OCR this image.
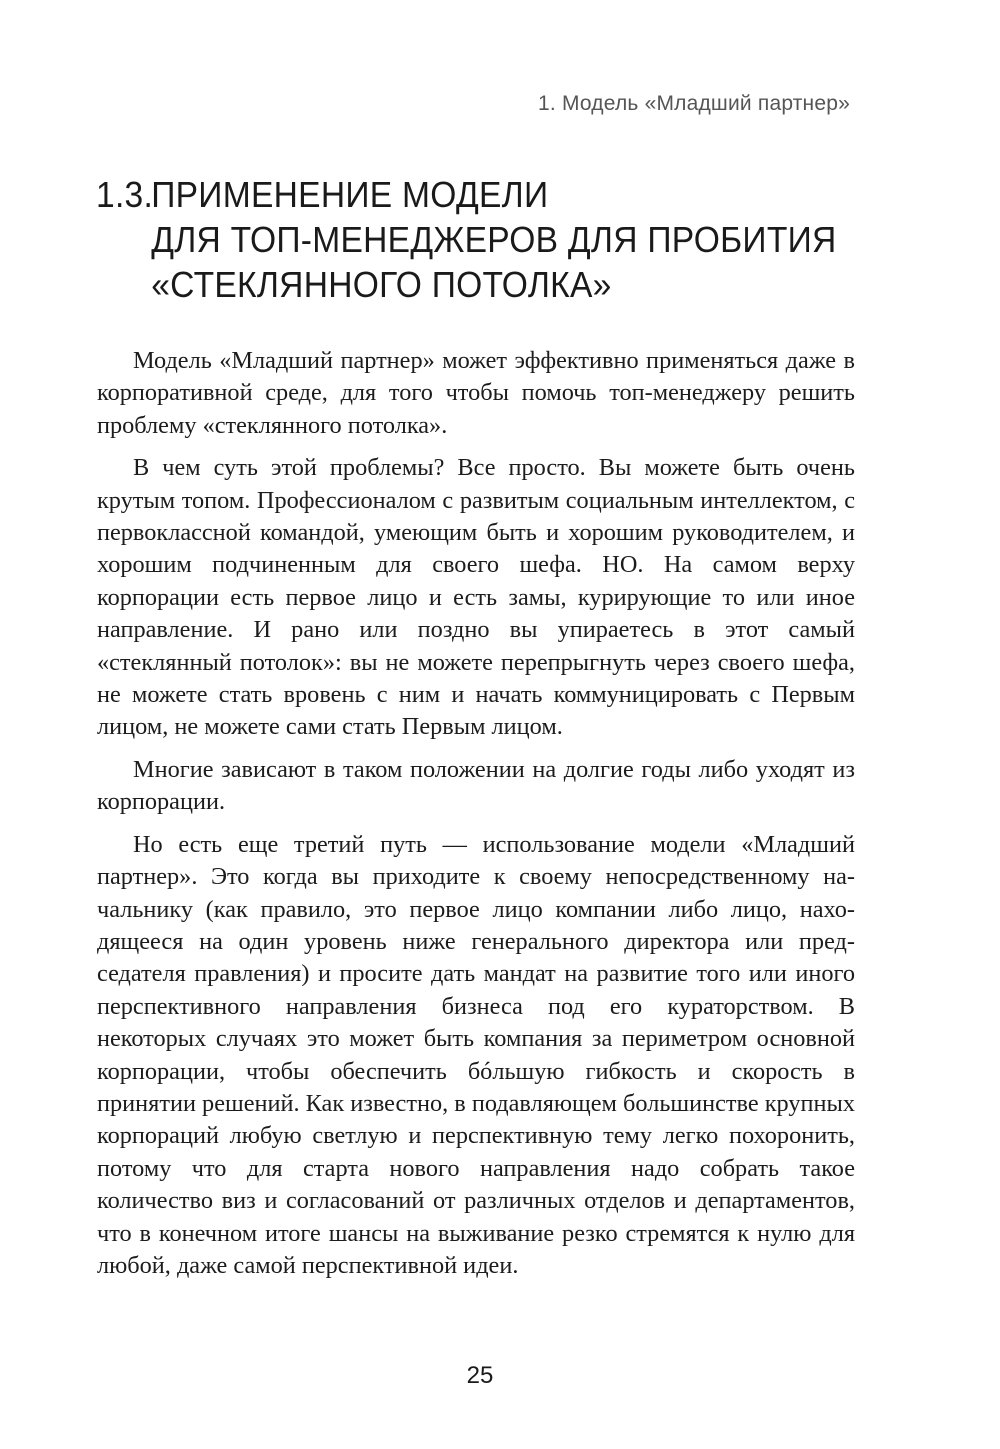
1. Модель «Младший партнер»
1.3.ПРИМЕНЕНИЕ МОДЕЛИ
ДЛЯ ТОП-МЕНЕДЖЕРОВ ДЛЯ ПРОБИТИЯ
«СТЕКЛЯННОГО ПОТОЛКА»

Модель «Младший партнер» может эффективно применяться даже в корпоративной среде, для того чтобы помочь топ-менеджеру решить проблему «стеклянного потолка».

В чем суть этой проблемы? Все просто. Вы можете быть очень крутым топом. Профессионалом с развитым социальным интеллектом, с первоклассной командой, умеющим быть и хорошим руководителем, и хорошим подчиненным для своего шефа. НО. На самом верху корпорации есть первое лицо и есть замы, курирующие то или иное направление. И рано или поздно вы упираетесь в этот самый «стеклянный потолок»: вы не можете перепрыгнуть через своего шефа, не можете стать вровень с ним и начать коммуницировать с Первым лицом, не можете сами стать Первым лицом.

Многие зависают в таком положении на долгие годы либо уходят из корпорации.

Но есть еще третий путь — использование модели «Младший партнер». Это когда вы приходите к своему непосредственному начальнику (как правило, это первое лицо компании либо лицо, находящееся на один уровень ниже генерального директора или председателя правления) и просите дать мандат на развитие того или иного перспективного направления бизнеса под его кураторством. В некоторых случаях это может быть компания за периметром основной корпорации, чтобы обеспечить бóльшую гибкость и скорость в принятии решений. Как известно, в подавляющем большинстве крупных корпораций любую светлую и перспективную тему легко похоронить, потому что для старта нового направления надо собрать такое количество виз и согласований от различных отделов и департаментов, что в конечном итоге шансы на выживание резко стремятся к нулю для любой, даже самой перспективной идеи.

25
